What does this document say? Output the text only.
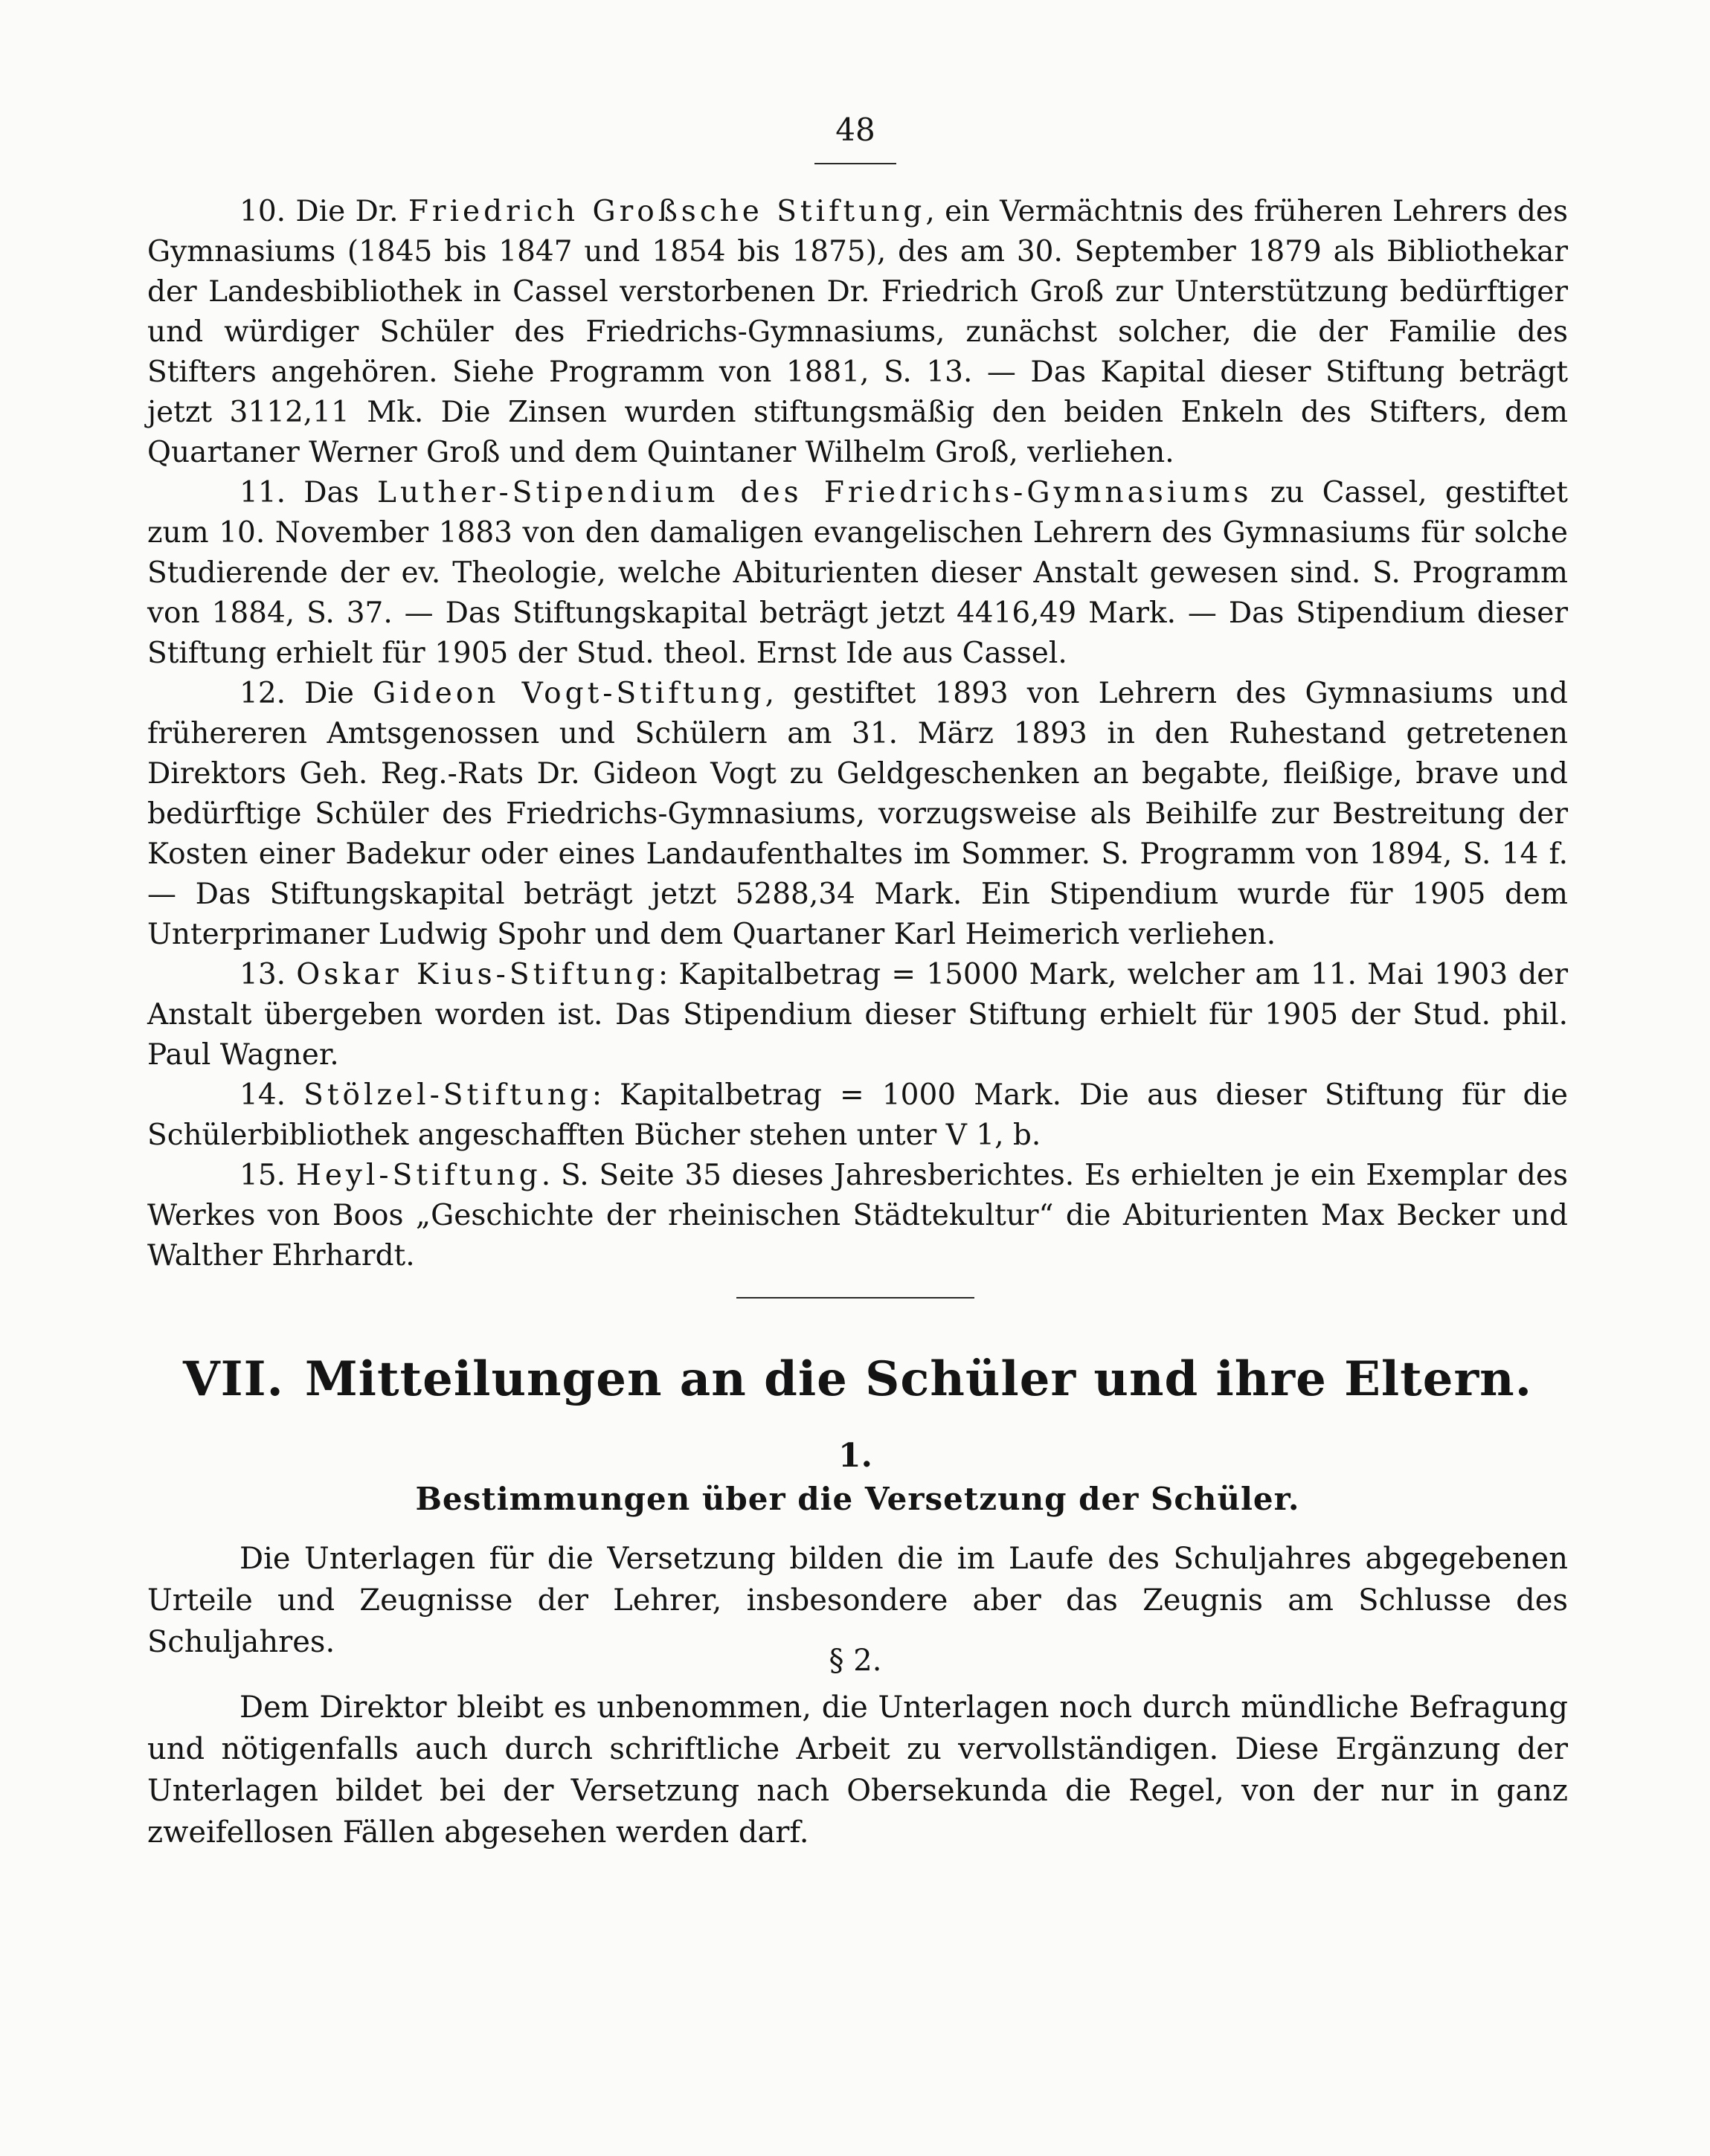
48

10. Die Dr. Friedrich Großsche Stiftung, ein Vermächtnis des früheren Lehrers des Gymnasiums (1845 bis 1847 und 1854 bis 1875), des am 30. September 1879 als Bibliothekar der Landesbibliothek in Cassel verstorbenen Dr. Friedrich Groß zur Unterstützung bedürftiger und würdiger Schüler des Friedrichs-Gymnasiums, zunächst solcher, die der Familie des Stifters angehören. Siehe Programm von 1881, S. 13. — Das Kapital dieser Stiftung beträgt jetzt 3112,11 Mk. Die Zinsen wurden stiftungsmäßig den beiden Enkeln des Stifters, dem Quartaner Werner Groß und dem Quintaner Wilhelm Groß, verliehen.

11. Das Luther-Stipendium des Friedrichs-Gymnasiums zu Cassel, gestiftet zum 10. November 1883 von den damaligen evangelischen Lehrern des Gymnasiums für solche Studierende der ev. Theologie, welche Abiturienten dieser Anstalt gewesen sind. S. Programm von 1884, S. 37. — Das Stiftungskapital beträgt jetzt 4416,49 Mark. — Das Stipendium dieser Stiftung erhielt für 1905 der Stud. theol. Ernst Ide aus Cassel.

12. Die Gideon Vogt-Stiftung, gestiftet 1893 von Lehrern des Gymnasiums und frühereren Amtsgenossen und Schülern am 31. März 1893 in den Ruhestand getretenen Direktors Geh. Reg.-Rats Dr. Gideon Vogt zu Geldgeschenken an begabte, fleißige, brave und bedürftige Schüler des Friedrichs-Gymnasiums, vorzugsweise als Beihilfe zur Bestreitung der Kosten einer Badekur oder eines Landaufenthaltes im Sommer. S. Programm von 1894, S. 14 f. — Das Stiftungskapital beträgt jetzt 5288,34 Mark. Ein Stipendium wurde für 1905 dem Unterprimaner Ludwig Spohr und dem Quartaner Karl Heimerich verliehen.

13. Oskar Kius-Stiftung: Kapitalbetrag = 15000 Mark, welcher am 11. Mai 1903 der Anstalt übergeben worden ist. Das Stipendium dieser Stiftung erhielt für 1905 der Stud. phil. Paul Wagner.

14. Stölzel-Stiftung: Kapitalbetrag = 1000 Mark. Die aus dieser Stiftung für die Schülerbibliothek angeschafften Bücher stehen unter V 1, b.

15. Heyl-Stiftung. S. Seite 35 dieses Jahresberichtes. Es erhielten je ein Exemplar des Werkes von Boos „Geschichte der rheinischen Städtekultur“ die Abiturienten Max Becker und Walther Ehrhardt.

VII. Mitteilungen an die Schüler und ihre Eltern.
1.
Bestimmungen über die Versetzung der Schüler.

Die Unterlagen für die Versetzung bilden die im Laufe des Schuljahres abgegebenen Urteile und Zeugnisse der Lehrer, insbesondere aber das Zeugnis am Schlusse des Schuljahres.

§ 2.

Dem Direktor bleibt es unbenommen, die Unterlagen noch durch mündliche Befragung und nötigenfalls auch durch schriftliche Arbeit zu vervollständigen. Diese Ergänzung der Unterlagen bildet bei der Versetzung nach Obersekunda die Regel, von der nur in ganz zweifellosen Fällen abgesehen werden darf.
